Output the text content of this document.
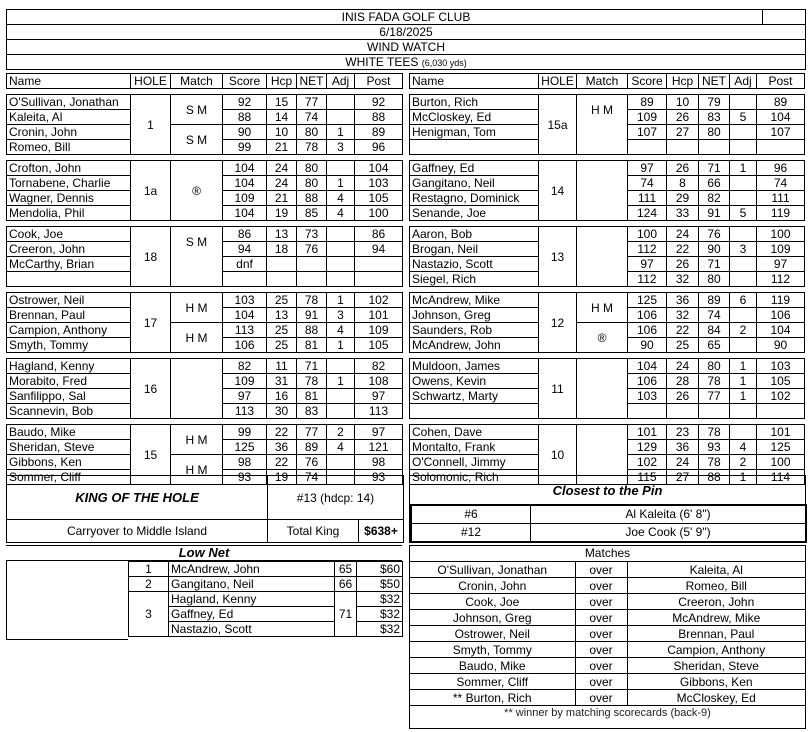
INIS FADA GOLF CLUB
6/18/2025
WIND WATCH
WHITE TEES (6,030 yds)
Name	HOLE	Match	Score	Hcp	NET	Adj	Post

O'Sullivan, Jonathan	1	S M	92	15	77		92
Kaleita, Al			88	14	74		88
Cronin, John		S M	90	10	80	1	89
Romeo, Bill			99	21	78	3	96

Crofton, John	1a	®	104	24	80		104
Tornabene, Charlie			104	24	80	1	103
Wagner, Dennis			109	21	88	4	105
Mendolia, Phil			104	19	85	4	100

Cook, Joe	18	S M	86	13	73		86
Creeron, John			94	18	76		94
McCarthy, Brian			dnf				

Ostrower, Neil	17	H M	103	25	78	1	102
Brennan, Paul			104	13	91	3	101
Campion, Anthony		H M	113	25	88	4	109
Smyth, Tommy			106	25	81	1	105

Hagland, Kenny	16		82	11	71		82
Morabito, Fred			109	31	78	1	108
Sanfilippo, Sal			97	16	81		97
Scannevin, Bob			113	30	83		113

Baudo, Mike	15	H M	99	22	77	2	97
Sheridan, Steve			125	36	89	4	121
Gibbons, Ken		H M	98	22	76		98
Sommer, Cliff			93	19	74		93
Name	HOLE	Match	Score	Hcp	NET	Adj	Post

Burton, Rich	15a	H M	89	10	79		89
McCloskey, Ed			109	26	83	5	104
Henigman, Tom			107	27	80		107

Gaffney, Ed	14		97	26	71	1	96
Gangitano, Neil			74	8	66		74
Restagno, Dominick			111	29	82		111
Senande, Joe			124	33	91	5	119

Aaron, Bob	13		100	24	76		100
Brogan, Neil			112	22	90	3	109
Nastazio, Scott			97	26	71		97
Siegel, Rich			112	32	80		112

McAndrew, Mike	12	H M	125	36	89	6	119
Johnson, Greg			106	32	74		106
Saunders, Rob		®	106	22	84	2	104
McAndrew, John			90	25	65		90

Muldoon, James	11		104	24	80	1	103
Owens, Kevin			106	28	78	1	105
Schwartz, Marty			103	26	77	1	102

Cohen, Dave	10		101	23	78		101
Montalto, Frank			129	36	93	4	125
O'Connell, Jimmy			102	24	78	2	100
Solomonic, Rich			115	27	88	1	114
KING OF THE HOLE	#13 (hdcp: 14)
Carryover to Middle Island	Total King $638+
Closest to the Pin
#6	Al Kaleita (6' 8")
#12	Joe Cook (5' 9")
Low Net
1	McAndrew, John	65	$60
2	Gangitano, Neil	66	$50
3	Hagland, Kenny	71	$32
	Gaffney, Ed		$32
	Nastazio, Scott		$32
Matches
O'Sullivan, Jonathan	over	Kaleita, Al
Cronin, John	over	Romeo, Bill
Cook, Joe	over	Creeron, John
Johnson, Greg	over	McAndrew, Mike
Ostrower, Neil	over	Brennan, Paul
Smyth, Tommy	over	Campion, Anthony
Baudo, Mike	over	Sheridan, Steve
Sommer, Cliff	over	Gibbons, Ken
** Burton, Rich	over	McCloskey, Ed
** winner by matching scorecards (back-9)
